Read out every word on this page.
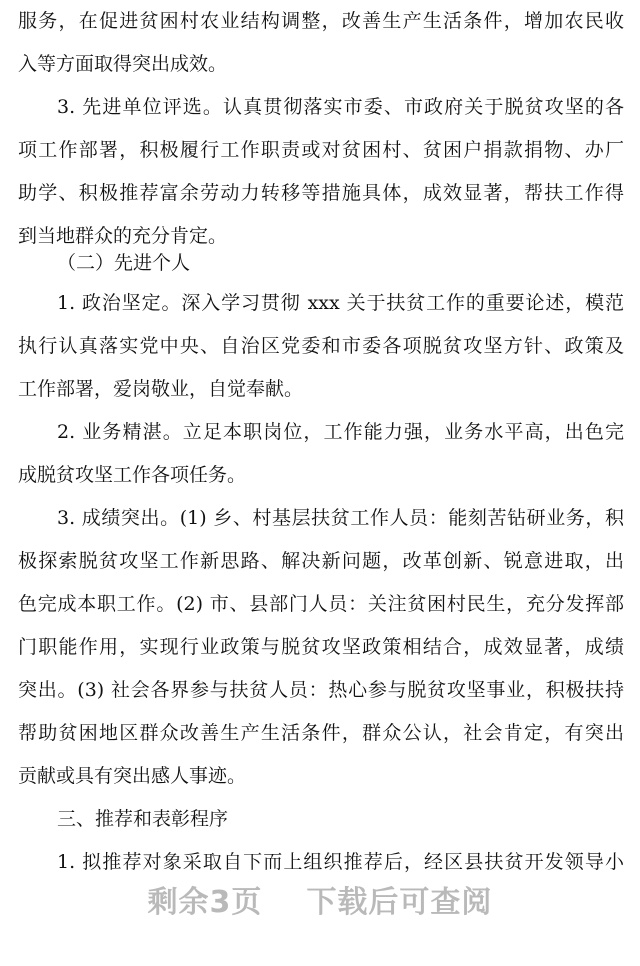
服务，在促进贫困村农业结构调整，改善生产生活条件，增加农民收
入等方面取得突出成效。
3. 先进单位评选。认真贯彻落实市委、市政府关于脱贫攻坚的各
项工作部署，积极履行工作职责或对贫困村、贫困户捐款捐物、办厂
助学、积极推荐富余劳动力转移等措施具体，成效显著，帮扶工作得
到当地群众的充分肯定。
（二）先进个人
1. 政治坚定。深入学习贯彻 xxx 关于扶贫工作的重要论述，模范
执行认真落实党中央、自治区党委和市委各项脱贫攻坚方针、政策及
工作部署，爱岗敬业，自觉奉献。
2. 业务精湛。立足本职岗位，工作能力强，业务水平高，出色完
成脱贫攻坚工作各项任务。
3. 成绩突出。(1) 乡、村基层扶贫工作人员：能刻苦钻研业务，积
极探索脱贫攻坚工作新思路、解决新问题，改革创新、锐意进取，出
色完成本职工作。(2) 市、县部门人员：关注贫困村民生，充分发挥部
门职能作用，实现行业政策与脱贫攻坚政策相结合，成效显著，成绩
突出。(3) 社会各界参与扶贫人员：热心参与脱贫攻坚事业，积极扶持
帮助贫困地区群众改善生产生活条件，群众公认，社会肯定，有突出
贡献或具有突出感人事迹。
三、推荐和表彰程序
1. 拟推荐对象采取自下而上组织推荐后，经区县扶贫开发领导小
剩余3页 下载后可查阅
